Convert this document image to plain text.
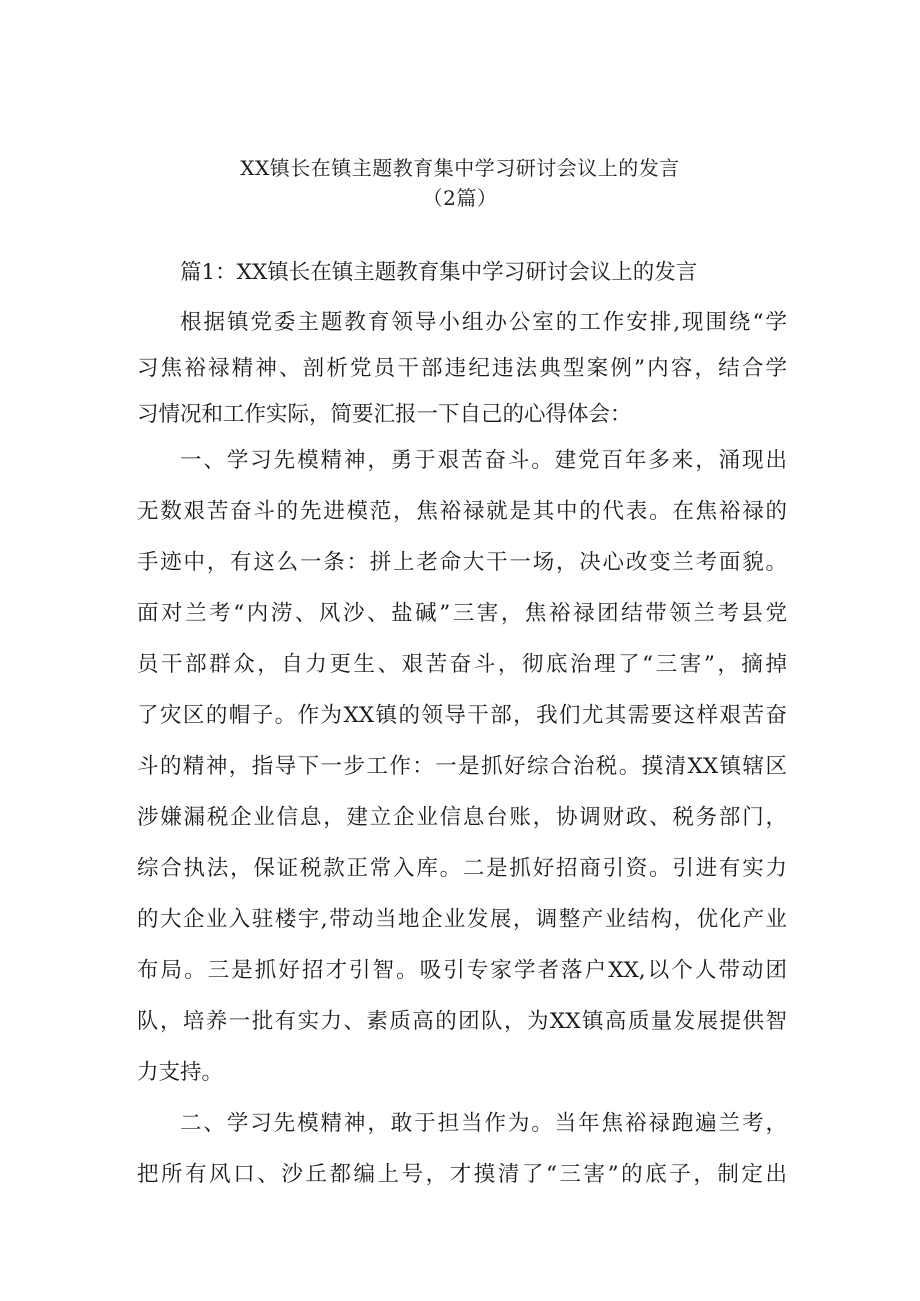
XX镇长在镇主题教育集中学习研讨会议上的发言
（2篇）
篇1：XX镇长在镇主题教育集中学习研讨会议上的发言
根据镇党委主题教育领导小组办公室的工作安排,现围绕“学
习焦裕禄精神、剖析党员干部违纪违法典型案例”内容，结合学
习情况和工作实际，简要汇报一下自己的心得体会：
一、学习先模精神，勇于艰苦奋斗。建党百年多来，涌现出
无数艰苦奋斗的先进模范，焦裕禄就是其中的代表。在焦裕禄的
手迹中，有这么一条：拼上老命大干一场，决心改变兰考面貌。
面对兰考“内涝、风沙、盐碱”三害，焦裕禄团结带领兰考县党
员干部群众，自力更生、艰苦奋斗，彻底治理了“三害”，摘掉
了灾区的帽子。作为XX镇的领导干部，我们尤其需要这样艰苦奋
斗的精神，指导下一步工作：一是抓好综合治税。摸清XX镇辖区
涉嫌漏税企业信息，建立企业信息台账，协调财政、税务部门，
综合执法，保证税款正常入库。二是抓好招商引资。引进有实力
的大企业入驻楼宇,带动当地企业发展，调整产业结构，优化产业
布局。三是抓好招才引智。吸引专家学者落户XX,以个人带动团
队，培养一批有实力、素质高的团队，为XX镇高质量发展提供智
力支持。
二、学习先模精神，敢于担当作为。当年焦裕禄跑遍兰考，
把所有风口、沙丘都编上号，才摸清了“三害”的底子，制定出
